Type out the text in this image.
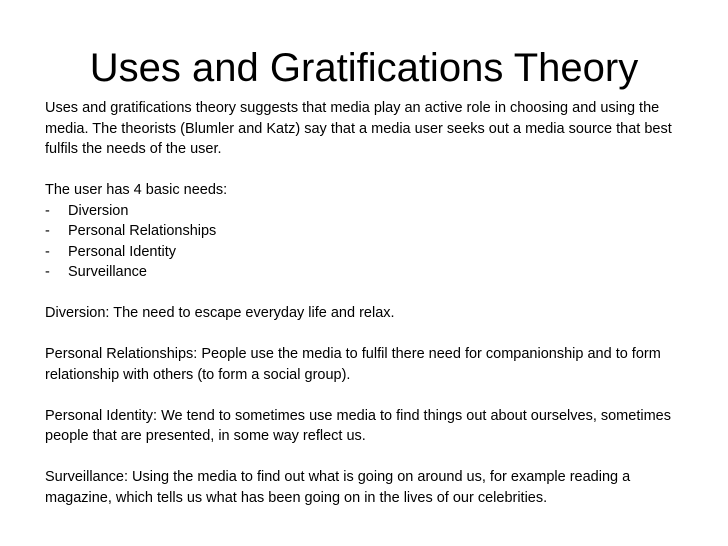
Uses and Gratifications Theory

Uses and gratifications theory suggests that media play an active role in choosing and using the media. The theorists (Blumler and Katz) say that a media user seeks out a media source that best fulfils the needs of the user.

The user has 4 basic needs:

- Diversion
- Personal Relationships
- Personal Identity
- Surveillance

Diversion: The need to escape everyday life and relax.

Personal Relationships: People use the media to fulfil there need for companionship and to form relationship with others (to form a social group).

Personal Identity: We tend to sometimes use media to find things out about ourselves, sometimes people that are presented, in some way reflect us.

Surveillance: Using the media to find out what is going on around us, for example reading a magazine, which tells us what has been going on in the lives of our celebrities.
